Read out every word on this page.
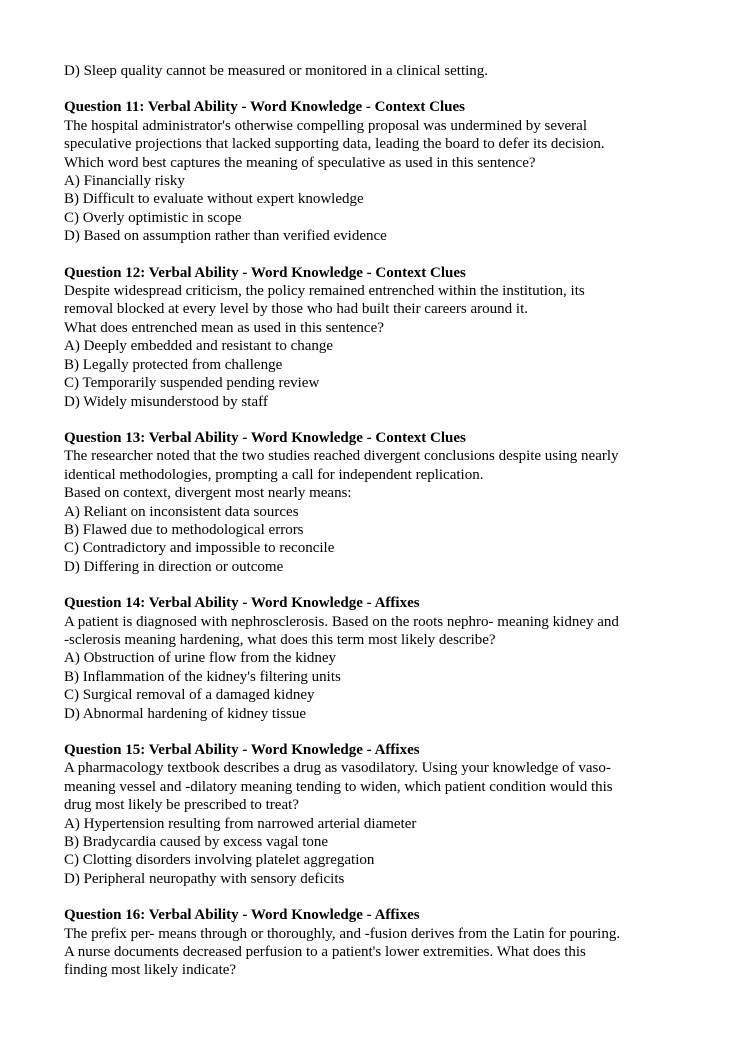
D) Sleep quality cannot be measured or monitored in a clinical setting.
Question 11: Verbal Ability - Word Knowledge - Context Clues
The hospital administrator's otherwise compelling proposal was undermined by several
speculative projections that lacked supporting data, leading the board to defer its decision.
Which word best captures the meaning of speculative as used in this sentence?
A) Financially risky
B) Difficult to evaluate without expert knowledge
C) Overly optimistic in scope
D) Based on assumption rather than verified evidence
Question 12: Verbal Ability - Word Knowledge - Context Clues
Despite widespread criticism, the policy remained entrenched within the institution, its
removal blocked at every level by those who had built their careers around it.
What does entrenched mean as used in this sentence?
A) Deeply embedded and resistant to change
B) Legally protected from challenge
C) Temporarily suspended pending review
D) Widely misunderstood by staff
Question 13: Verbal Ability - Word Knowledge - Context Clues
The researcher noted that the two studies reached divergent conclusions despite using nearly
identical methodologies, prompting a call for independent replication.
Based on context, divergent most nearly means:
A) Reliant on inconsistent data sources
B) Flawed due to methodological errors
C) Contradictory and impossible to reconcile
D) Differing in direction or outcome
Question 14: Verbal Ability - Word Knowledge - Affixes
A patient is diagnosed with nephrosclerosis. Based on the roots nephro- meaning kidney and
-sclerosis meaning hardening, what does this term most likely describe?
A) Obstruction of urine flow from the kidney
B) Inflammation of the kidney's filtering units
C) Surgical removal of a damaged kidney
D) Abnormal hardening of kidney tissue
Question 15: Verbal Ability - Word Knowledge - Affixes
A pharmacology textbook describes a drug as vasodilatory. Using your knowledge of vaso-
meaning vessel and -dilatory meaning tending to widen, which patient condition would this
drug most likely be prescribed to treat?
A) Hypertension resulting from narrowed arterial diameter
B) Bradycardia caused by excess vagal tone
C) Clotting disorders involving platelet aggregation
D) Peripheral neuropathy with sensory deficits
Question 16: Verbal Ability - Word Knowledge - Affixes
The prefix per- means through or thoroughly, and -fusion derives from the Latin for pouring.
A nurse documents decreased perfusion to a patient's lower extremities. What does this
finding most likely indicate?
